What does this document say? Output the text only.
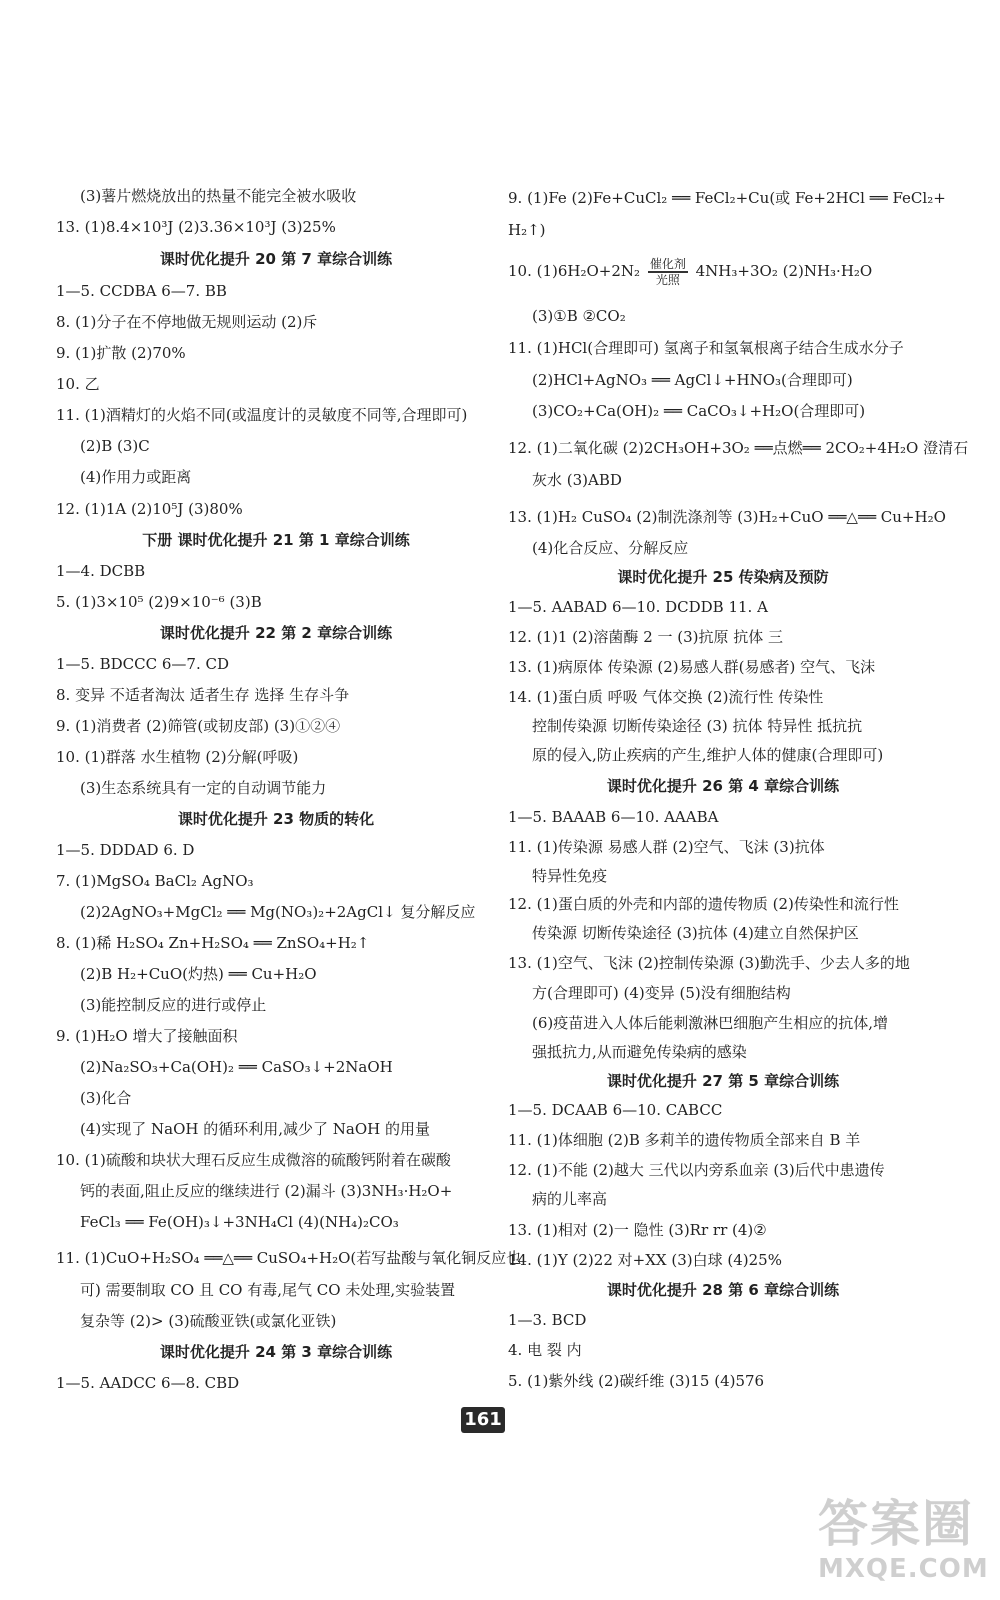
(3)薯片燃烧放出的热量不能完全被水吸收
13. (1)8.4×10³J (2)3.36×10³J (3)25%
课时优化提升 20 第 7 章综合训练
1—5. CCDBA 6—7. BB
8. (1)分子在不停地做无规则运动 (2)斥
9. (1)扩散 (2)70%
10. 乙
11. (1)酒精灯的火焰不同(或温度计的灵敏度不同等,合理即可)
(2)B (3)C
(4)作用力或距离
12. (1)1A (2)10⁵J (3)80%
下册 课时优化提升 21 第 1 章综合训练
1—4. DCBB
5. (1)3×10⁵ (2)9×10⁻⁶ (3)B
课时优化提升 22 第 2 章综合训练
1—5. BDCCC 6—7. CD
8. 变异 不适者淘汰 适者生存 选择 生存斗争
9. (1)消费者 (2)筛管(或韧皮部) (3)①②④
10. (1)群落 水生植物 (2)分解(呼吸)
(3)生态系统具有一定的自动调节能力
课时优化提升 23 物质的转化
1—5. DDDAD 6. D
7. (1)MgSO₄ BaCl₂ AgNO₃
(2)2AgNO₃+MgCl₂ ══ Mg(NO₃)₂+2AgCl↓ 复分解反应
8. (1)稀 H₂SO₄ Zn+H₂SO₄ ══ ZnSO₄+H₂↑
(2)B H₂+CuO(灼热) ══ Cu+H₂O
(3)能控制反应的进行或停止
9. (1)H₂O 增大了接触面积
(2)Na₂SO₃+Ca(OH)₂ ══ CaSO₃↓+2NaOH
(3)化合
(4)实现了 NaOH 的循环利用,减少了 NaOH 的用量
10. (1)硫酸和块状大理石反应生成微溶的硫酸钙附着在碳酸
钙的表面,阻止反应的继续进行 (2)漏斗 (3)3NH₃·H₂O+
FeCl₃ ══ Fe(OH)₃↓+3NH₄Cl (4)(NH₄)₂CO₃
11. (1)CuO+H₂SO₄ ══△══ CuSO₄+H₂O(若写盐酸与氧化铜反应也
可) 需要制取 CO 且 CO 有毒,尾气 CO 未处理,实验装置
复杂等 (2)> (3)硫酸亚铁(或氯化亚铁)
课时优化提升 24 第 3 章综合训练
1—5. AADCC 6—8. CBD
9. (1)Fe (2)Fe+CuCl₂ ══ FeCl₂+Cu(或 Fe+2HCl ══ FeCl₂+
H₂↑)
10. $(1)6H_2O+2N_2 \frac{\text{催化剂}}{\text{光照}} 4NH_3+3O_2$ (2)NH₃·H₂O
(3)①B ②CO₂
11. (1)HCl(合理即可) 氢离子和氢氧根离子结合生成水分子
(2)HCl+AgNO₃ ══ AgCl↓+HNO₃(合理即可)
(3)CO₂+Ca(OH)₂ ══ CaCO₃↓+H₂O(合理即可)
12. (1)二氧化碳 (2)2CH₃OH+3O₂ ══点燃══ 2CO₂+4H₂O 澄清石
灰水 (3)ABD
13. (1)H₂ CuSO₄ (2)制洗涤剂等 (3)H₂+CuO ══△══ Cu+H₂O
(4)化合反应、分解反应
课时优化提升 25 传染病及预防
1—5. AABAD 6—10. DCDDB 11. A
12. (1)1 (2)溶菌酶 2 一 (3)抗原 抗体 三
13. (1)病原体 传染源 (2)易感人群(易感者) 空气、飞沫
14. (1)蛋白质 呼吸 气体交换 (2)流行性 传染性
控制传染源 切断传染途径 (3) 抗体 特异性 抵抗抗
原的侵入,防止疾病的产生,维护人体的健康(合理即可)
课时优化提升 26 第 4 章综合训练
1—5. BAAAB 6—10. AAABA
11. (1)传染源 易感人群 (2)空气、飞沫 (3)抗体
特异性免疫
12. (1)蛋白质的外壳和内部的遗传物质 (2)传染性和流行性
传染源 切断传染途径 (3)抗体 (4)建立自然保护区
13. (1)空气、飞沫 (2)控制传染源 (3)勤洗手、少去人多的地
方(合理即可) (4)变异 (5)没有细胞结构
(6)疫苗进入人体后能刺激淋巴细胞产生相应的抗体,增
强抵抗力,从而避免传染病的感染
课时优化提升 27 第 5 章综合训练
1—5. DCAAB 6—10. CABCC
11. (1)体细胞 (2)B 多莉羊的遗传物质全部来自 B 羊
12. (1)不能 (2)越大 三代以内旁系血亲 (3)后代中患遗传
病的儿率高
13. (1)相对 (2)一 隐性 (3)Rr rr (4)②
14. (1)Y (2)22 对+XX (3)白球 (4)25%
课时优化提升 28 第 6 章综合训练
1—3. BCD
4. 电 裂 内
5. (1)紫外线 (2)碳纤维 (3)15 (4)576
161
答案圈
MXQE.COM
